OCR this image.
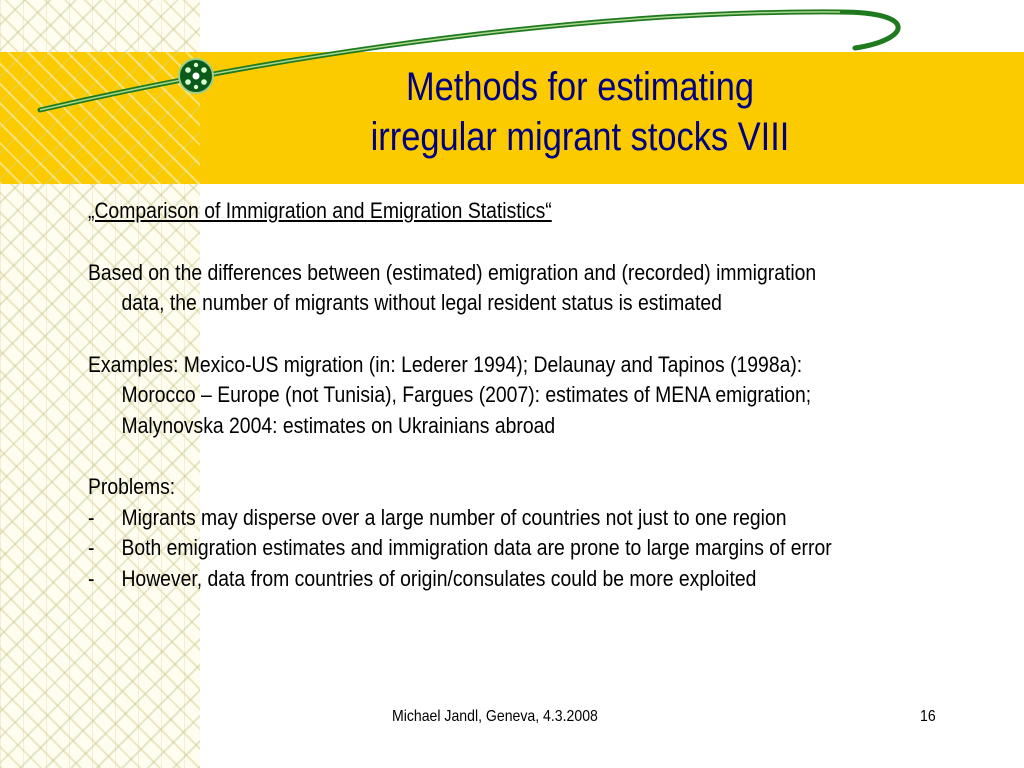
Methods for estimating
irregular migrant stocks VIII

„Comparison of Immigration and Emigration Statistics“

Based on the differences between (estimated) emigration and (recorded) immigration data, the number of migrants without legal resident status is estimated

Examples: Mexico-US migration (in: Lederer 1994); Delaunay and Tapinos (1998a): Morocco – Europe (not Tunisia), Fargues (2007): estimates of MENA emigration; Malynovska 2004: estimates on Ukrainians abroad

Problems:

-	Migrants may disperse over a large number of countries not just to one region
-	Both emigration estimates and immigration data are prone to large margins of error
-	However, data from countries of origin/consulates could be more exploited
Michael Jandl, Geneva, 4.3.2008	16
